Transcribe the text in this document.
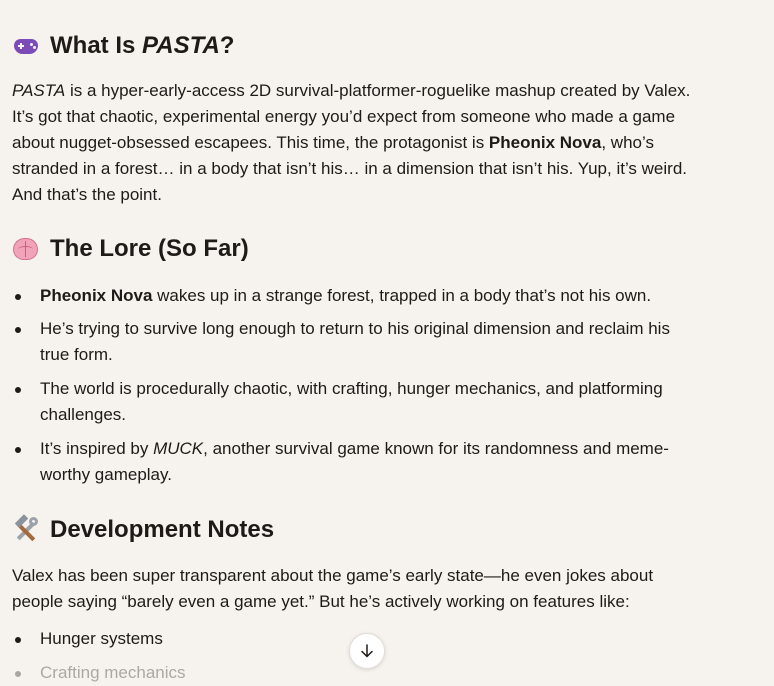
What Is PASTA ?
PASTA is a hyper-early-access 2D survival-platformer-roguelike mashup created by Valex.
It’s got that chaotic, experimental energy you’d expect from someone who made a game
about nugget-obsessed escapees. This time, the protagonist is Pheonix Nova, who’s
stranded in a forest… in a body that isn’t his… in a dimension that isn’t his. Yup, it’s weird.
And that’s the point.
The Lore (So Far)
Pheonix Nova wakes up in a strange forest, trapped in a body that’s not his own.
He’s trying to survive long enough to return to his original dimension and reclaim his
true form.
The world is procedurally chaotic, with crafting, hunger mechanics, and platforming
challenges.
It’s inspired by MUCK, another survival game known for its randomness and meme-
worthy gameplay.
Development Notes
Valex has been super transparent about the game’s early state—he even jokes about
people saying “barely even a game yet.” But he’s actively working on features like:
Hunger systems
Crafting mechanics
